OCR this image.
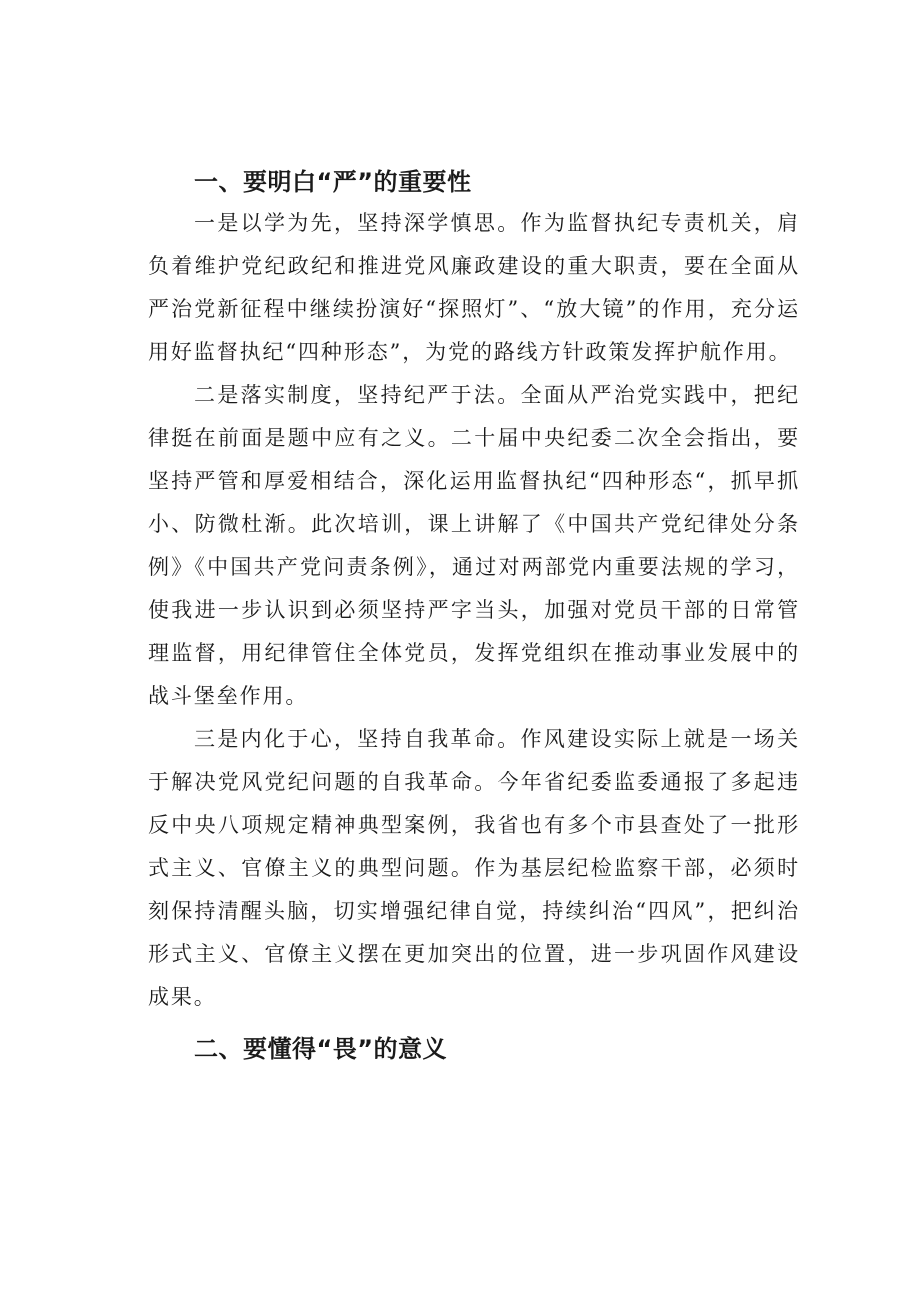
一、要明白“严”的重要性

一是以学为先，坚持深学慎思。作为监督执纪专责机关，肩负着维护党纪政纪和推进党风廉政建设的重大职责，要在全面从严治党新征程中继续扮演好“探照灯”、“放大镜”的作用，充分运用好监督执纪“四种形态”，为党的路线方针政策发挥护航作用。

二是落实制度，坚持纪严于法。全面从严治党实践中，把纪律挺在前面是题中应有之义。二十届中央纪委二次全会指出，要坚持严管和厚爱相结合，深化运用监督执纪“四种形态“，抓早抓小、防微杜渐。此次培训，课上讲解了《中国共产党纪律处分条例》《中国共产党问责条例》，通过对两部党内重要法规的学习，使我进一步认识到必须坚持严字当头，加强对党员干部的日常管理监督，用纪律管住全体党员，发挥党组织在推动事业发展中的战斗堡垒作用。

三是内化于心，坚持自我革命。作风建设实际上就是一场关于解决党风党纪问题的自我革命。今年省纪委监委通报了多起违反中央八项规定精神典型案例，我省也有多个市县查处了一批形式主义、官僚主义的典型问题。作为基层纪检监察干部，必须时刻保持清醒头脑，切实增强纪律自觉，持续纠治“四风”，把纠治形式主义、官僚主义摆在更加突出的位置，进一步巩固作风建设成果。

二、要懂得“畏”的意义
